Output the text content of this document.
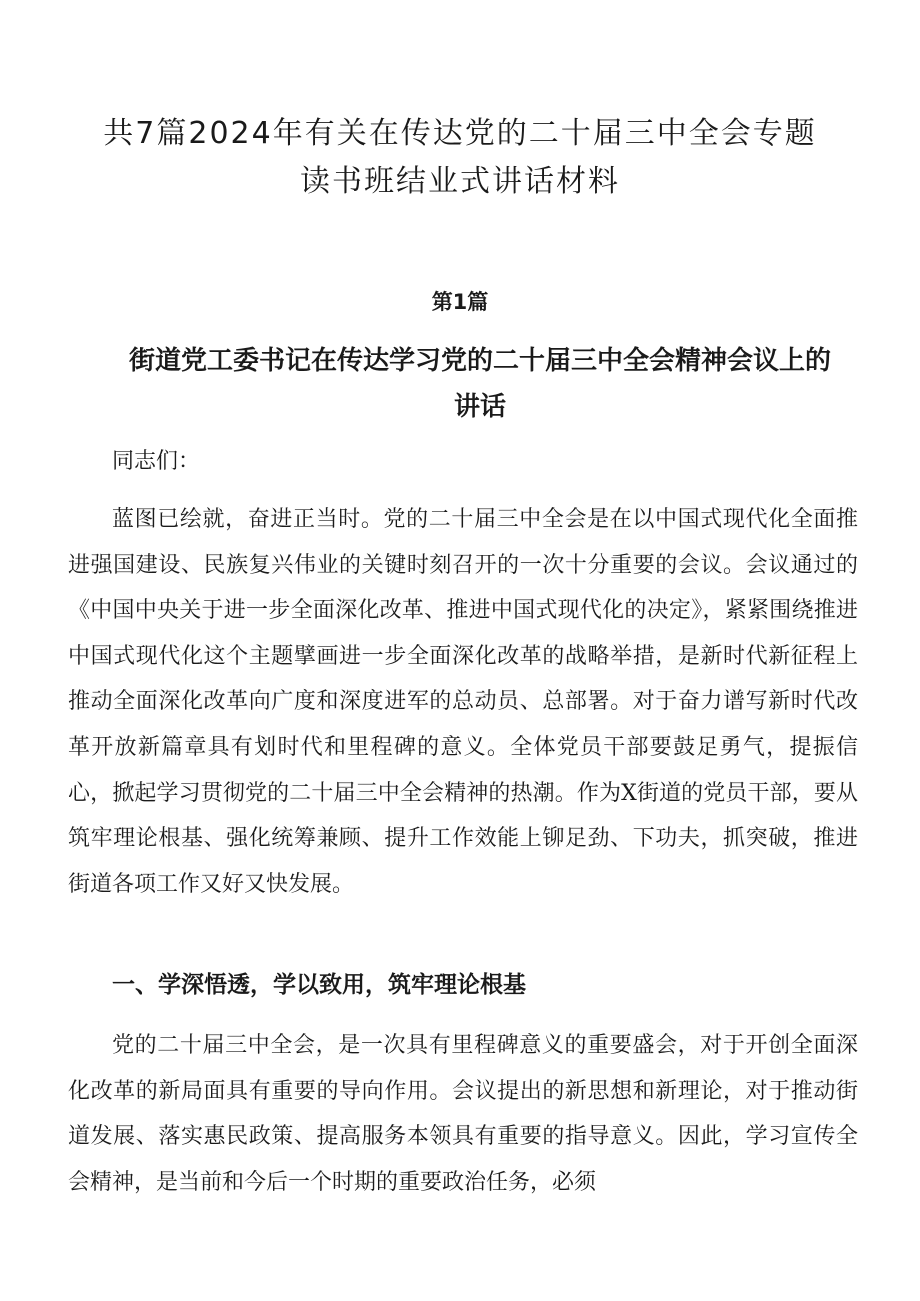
共7篇2024年有关在传达党的二十届三中全会专题
读书班结业式讲话材料
第1篇
街道党工委书记在传达学习党的二十届三中全会精神会议上的
讲话

同志们：

蓝图已绘就，奋进正当时。党的二十届三中全会是在以中国式现代化全面推进强国建设、民族复兴伟业的关键时刻召开的一次十分重要的会议。会议通过的《中国中央关于进一步全面深化改革、推进中国式现代化的决定》，紧紧围绕推进中国式现代化这个主题擘画进一步全面深化改革的战略举措，是新时代新征程上推动全面深化改革向广度和深度进军的总动员、总部署。对于奋力谱写新时代改革开放新篇章具有划时代和里程碑的意义。全体党员干部要鼓足勇气，提振信心，掀起学习贯彻党的二十届三中全会精神的热潮。作为X街道的党员干部，要从筑牢理论根基、强化统筹兼顾、提升工作效能上铆足劲、下功夫，抓突破，推进街道各项工作又好又快发展。

一、学深悟透，学以致用，筑牢理论根基

党的二十届三中全会，是一次具有里程碑意义的重要盛会，对于开创全面深化改革的新局面具有重要的导向作用。会议提出的新思想和新理论，对于推动街道发展、落实惠民政策、提高服务本领具有重要的指导意义。因此，学习宣传全会精神，是当前和今后一个时期的重要政治任务，必须
